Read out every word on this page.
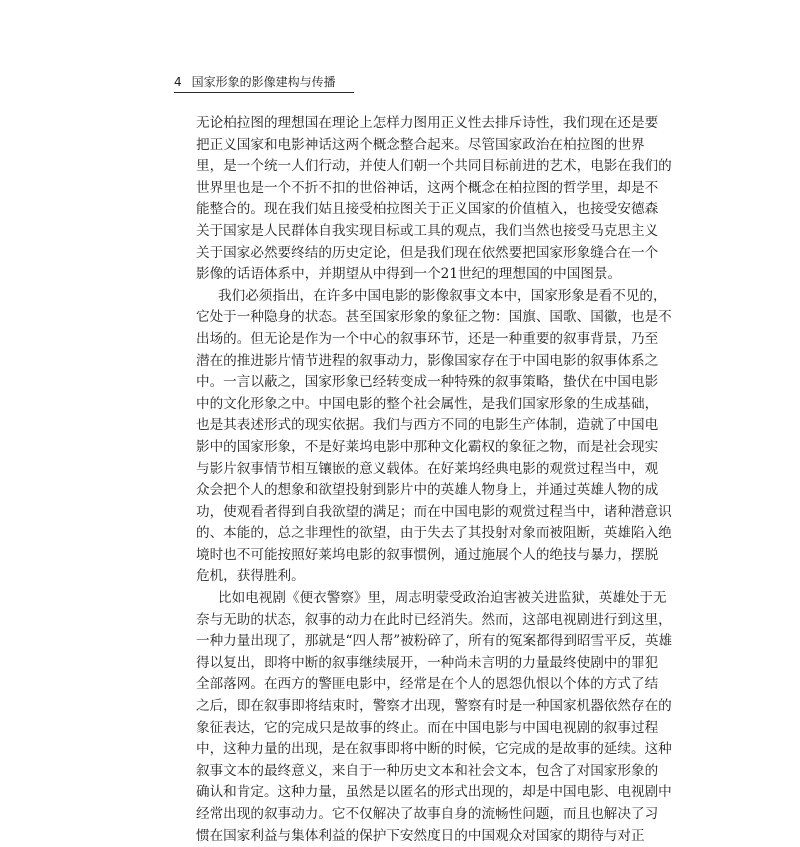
4 国家形象的影像建构与传播
无论柏拉图的理想国在理论上怎样力图用正义性去排斥诗性，我们现在还是要
把正义国家和电影神话这两个概念整合起来。尽管国家政治在柏拉图的世界
里，是一个统一人们行动，并使人们朝一个共同目标前进的艺术，电影在我们的
世界里也是一个不折不扣的世俗神话，这两个概念在柏拉图的哲学里，却是不
能整合的。现在我们姑且接受柏拉图关于正义国家的价值植入，也接受安德森
关于国家是人民群体自我实现目标或工具的观点，我们当然也接受马克思主义
关于国家必然要终结的历史定论，但是我们现在依然要把国家形象缝合在一个
影像的话语体系中，并期望从中得到一个21世纪的理想国的中国图景。
我们必须指出，在许多中国电影的影像叙事文本中，国家形象是看不见的，
它处于一种隐身的状态。甚至国家形象的象征之物：国旗、国歌、国徽，也是不
出场的。但无论是作为一个中心的叙事环节，还是一种重要的叙事背景，乃至
潜在的推进影片情节进程的叙事动力，影像国家存在于中国电影的叙事体系之
中。一言以蔽之，国家形象已经转变成一种特殊的叙事策略，蛰伏在中国电影
中的文化形象之中。中国电影的整个社会属性，是我们国家形象的生成基础，
也是其表述形式的现实依据。我们与西方不同的电影生产体制，造就了中国电
影中的国家形象，不是好莱坞电影中那种文化霸权的象征之物，而是社会现实
与影片叙事情节相互镶嵌的意义载体。在好莱坞经典电影的观赏过程当中，观
众会把个人的想象和欲望投射到影片中的英雄人物身上，并通过英雄人物的成
功，使观看者得到自我欲望的满足；而在中国电影的观赏过程当中，诸种潜意识
的、本能的，总之非理性的欲望，由于失去了其投射对象而被阻断，英雄陷入绝
境时也不可能按照好莱坞电影的叙事惯例，通过施展个人的绝技与暴力，摆脱
危机，获得胜利。
比如电视剧《便衣警察》里，周志明蒙受政治迫害被关进监狱，英雄处于无
奈与无助的状态，叙事的动力在此时已经消失。然而，这部电视剧进行到这里，
一种力量出现了，那就是“四人帮”被粉碎了，所有的冤案都得到昭雪平反，英雄
得以复出，即将中断的叙事继续展开，一种尚未言明的力量最终使剧中的罪犯
全部落网。在西方的警匪电影中，经常是在个人的恩怨仇恨以个体的方式了结
之后，即在叙事即将结束时，警察才出现，警察有时是一种国家机器依然存在的
象征表达，它的完成只是故事的终止。而在中国电影与中国电视剧的叙事过程
中，这种力量的出现，是在叙事即将中断的时候，它完成的是故事的延续。这种
叙事文本的最终意义，来自于一种历史文本和社会文本，包含了对国家形象的
确认和肯定。这种力量，虽然是以匿名的形式出现的，却是中国电影、电视剧中
经常出现的叙事动力。它不仅解决了故事自身的流畅性问题，而且也解决了习
惯在国家利益与集体利益的保护下安然度日的中国观众对国家的期待与对正
